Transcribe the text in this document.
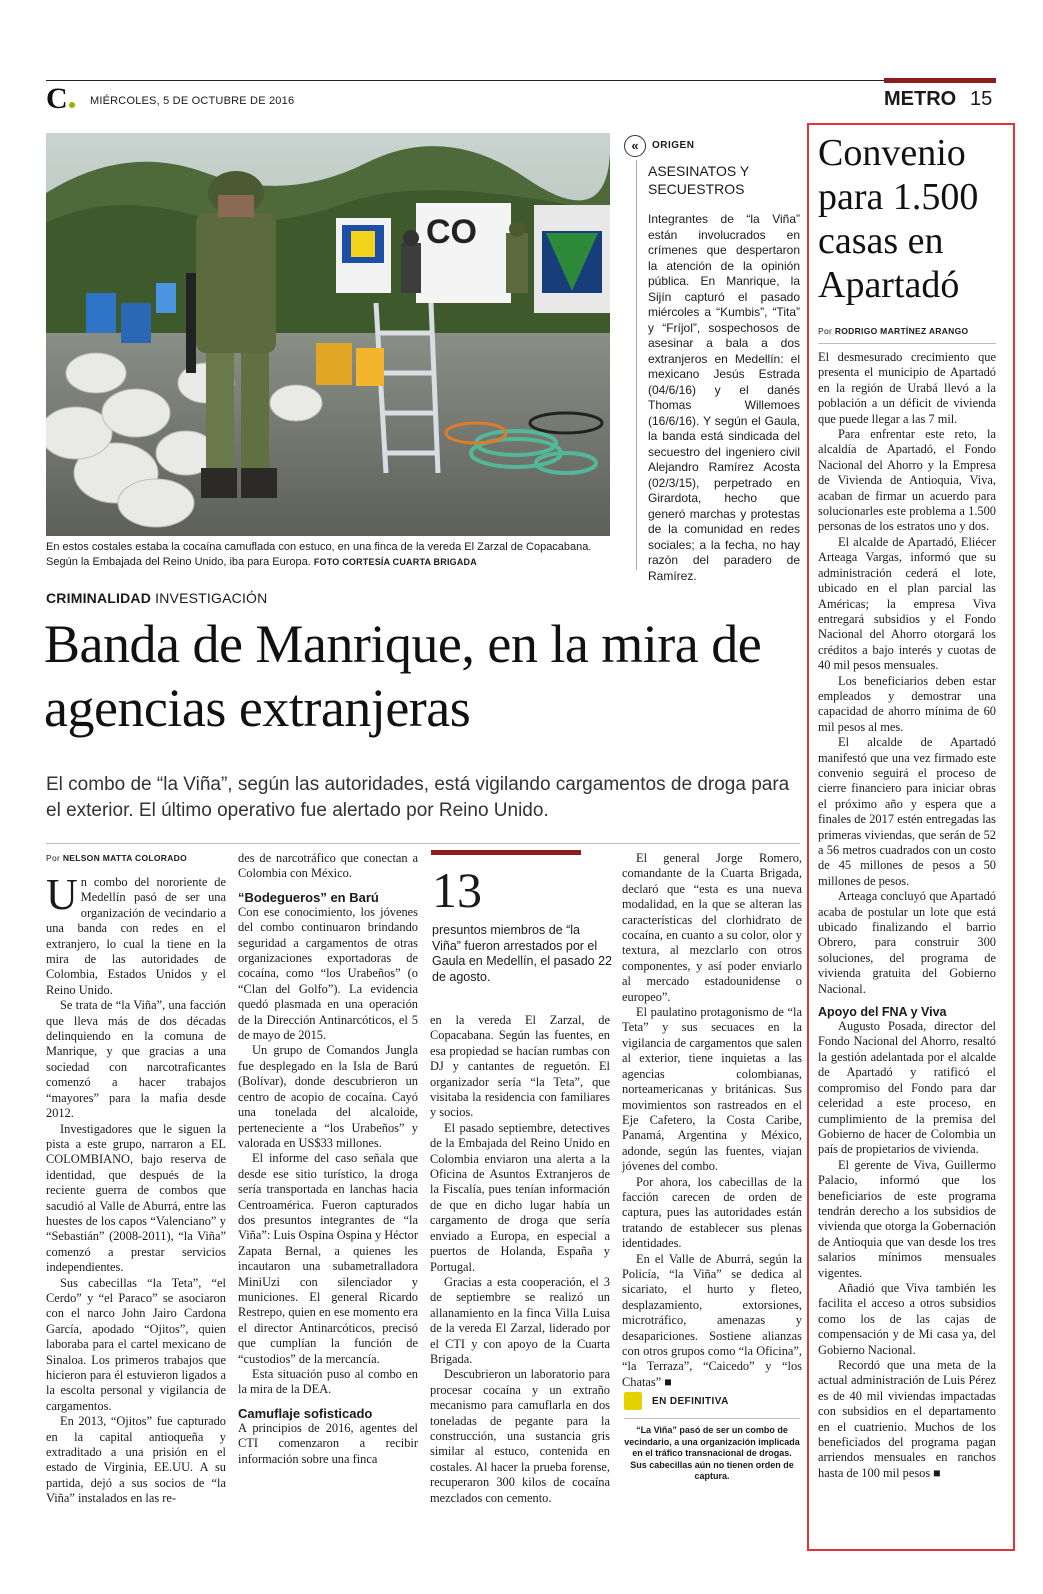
C	MIÉRCOLES, 5 DE OCTUBRE DE 2016	METRO 15
CO
En estos costales estaba la cocaína camuflada con estuco, en una finca de la vereda El Zarzal de Copacabana. Según la Embajada del Reino Unido, iba para Europa. FOTO CORTESÍA CUARTA BRIGADA
«	ORIGEN
ASESINATOS Y SECUESTROS
Integrantes de “la Viña” están involucrados en crímenes que despertaron la atención de la opinión pública. En Manrique, la Sijín capturó el pasado miércoles a “Kumbis”, “Tita” y “Fríjol”, sospechosos de asesinar a bala a dos extranjeros en Medellín: el mexicano Jesús Estrada (04/6/16) y el danés Thomas Willemoes (16/6/16). Y según el Gaula, la banda está sindicada del secuestro del ingeniero civil Alejandro Ramírez Acosta (02/3/15), perpetrado en Girardota, hecho que generó marchas y protestas de la comunidad en redes sociales; a la fecha, no hay razón del paradero de Ramírez.
CRIMINALIDAD INVESTIGACIÓN
Banda de Manrique, en la mira de agencias extranjeras
El combo de “la Viña”, según las autoridades, está vigilando cargamentos de droga para el exterior. El último operativo fue alertado por Reino Unido.
Por NELSON MATTA COLORADO

Un combo del nororiente de Medellín pasó de ser una organización de vecindario a una banda con redes en el extranjero, lo cual la tiene en la mira de las autoridades de Colombia, Estados Unidos y el Reino Unido.

Se trata de “la Viña”, una facción que lleva más de dos décadas delinquiendo en la comuna de Manrique, y que gracias a una sociedad con narcotraficantes comenzó a hacer trabajos “mayores” para la mafia desde 2012.

Investigadores que le siguen la pista a este grupo, narraron a EL COLOMBIANO, bajo reserva de identidad, que después de la reciente guerra de combos que sacudió al Valle de Aburrá, entre las huestes de los capos “Valenciano” y “Sebastián” (2008-2011), “la Viña” comenzó a prestar servicios independientes.

Sus cabecillas “la Teta”, “el Cerdo” y “el Paraco” se asociaron con el narco John Jairo Cardona García, apodado “Ojitos”, quien laboraba para el cartel mexicano de Sinaloa. Los primeros trabajos que hicieron para él estuvieron ligados a la escolta personal y vigilancia de cargamentos.

En 2013, “Ojitos” fue capturado en la capital antioqueña y extraditado a una prisión en el estado de Virginia, EE.UU. A su partida, dejó a sus socios de “la Viña” instalados en las re-

des de narcotráfico que conectan a Colombia con México.

“Bodegueros” en Barú

Con ese conocimiento, los jóvenes del combo continuaron brindando seguridad a cargamentos de otras organizaciones exportadoras de cocaína, como “los Urabeños” (o “Clan del Golfo”). La evidencia quedó plasmada en una operación de la Dirección Antinarcóticos, el 5 de mayo de 2015.

Un grupo de Comandos Jungla fue desplegado en la Isla de Barú (Bolívar), donde descubrieron un centro de acopio de cocaína. Cayó una tonelada del alcaloide, perteneciente a “los Urabeños” y valorada en US$33 millones.

El informe del caso señala que desde ese sitio turístico, la droga sería transportada en lanchas hacia Centroamérica. Fueron capturados dos presuntos integrantes de “la Viña”: Luis Ospina Ospina y Héctor Zapata Bernal, a quienes les incautaron una subametralladora MiniUzi con silenciador y municiones. El general Ricardo Restrepo, quien en ese momento era el director Antinarcóticos, precisó que cumplían la función de “custodios” de la mercancía.

Esta situación puso al combo en la mira de la DEA.

Camuflaje sofisticado

A principios de 2016, agentes del CTI comenzaron a recibir información sobre una finca

13
presuntos miembros de “la Viña” fueron arrestados por el Gaula en Medellín, el pasado 22 de agosto.

en la vereda El Zarzal, de Copacabana. Según las fuentes, en esa propiedad se hacían rumbas con DJ y cantantes de reguetón. El organizador sería “la Teta”, que visitaba la residencia con familiares y socios.

El pasado septiembre, detectives de la Embajada del Reino Unido en Colombia enviaron una alerta a la Oficina de Asuntos Extranjeros de la Fiscalía, pues tenían información de que en dicho lugar había un cargamento de droga que sería enviado a Europa, en especial a puertos de Holanda, España y Portugal.

Gracias a esta cooperación, el 3 de septiembre se realizó un allanamiento en la finca Villa Luisa de la vereda El Zarzal, liderado por el CTI y con apoyo de la Cuarta Brigada.

Descubrieron un laboratorio para procesar cocaína y un extraño mecanismo para camuflarla en dos toneladas de pegante para la construcción, una sustancia gris similar al estuco, contenida en costales. Al hacer la prueba forense, recuperaron 300 kilos de cocaína mezclados con cemento.

El general Jorge Romero, comandante de la Cuarta Brigada, declaró que “esta es una nueva modalidad, en la que se alteran las características del clorhidrato de cocaína, en cuanto a su color, olor y textura, al mezclarlo con otros componentes, y así poder enviarlo al mercado estadounidense o europeo”.

El paulatino protagonismo de “la Teta” y sus secuaces en la vigilancia de cargamentos que salen al exterior, tiene inquietas a las agencias colombianas, norteamericanas y británicas. Sus movimientos son rastreados en el Eje Cafetero, la Costa Caribe, Panamá, Argentina y México, adonde, según las fuentes, viajan jóvenes del combo.

Por ahora, los cabecillas de la facción carecen de orden de captura, pues las autoridades están tratando de establecer sus plenas identidades.

En el Valle de Aburrá, según la Policía, “la Viña” se dedica al sicariato, el hurto y fleteo, desplazamiento, extorsiones, microtráfico, amenazas y desapariciones. Sostiene alianzas con otros grupos como “la Oficina”, “la Terraza”, “Caicedo” y “los Chatas” ■

EN DEFINITIVA
“La Viña” pasó de ser un combo de vecindario, a una organización implicada en el tráfico transnacional de drogas. Sus cabecillas aún no tienen orden de captura.
Convenio para 1.500 casas en Apartadó
Por RODRIGO MARTÍNEZ ARANGO

El desmesurado crecimiento que presenta el municipio de Apartadó en la región de Urabá llevó a la población a un déficit de vivienda que puede llegar a las 7 mil.

Para enfrentar este reto, la alcaldía de Apartadó, el Fondo Nacional del Ahorro y la Empresa de Vivienda de Antioquia, Viva, acaban de firmar un acuerdo para solucionarles este problema a 1.500 personas de los estratos uno y dos.

El alcalde de Apartadó, Eliécer Arteaga Vargas, informó que su administración cederá el lote, ubicado en el plan parcial las Américas; la empresa Viva entregará subsidios y el Fondo Nacional del Ahorro otorgará los créditos a bajo interés y cuotas de 40 mil pesos mensuales.

Los beneficiarios deben estar empleados y demostrar una capacidad de ahorro mínima de 60 mil pesos al mes.

El alcalde de Apartadó manifestó que una vez firmado este convenio seguirá el proceso de cierre financiero para iniciar obras el próximo año y espera que a finales de 2017 estén entregadas las primeras viviendas, que serán de 52 a 56 metros cuadrados con un costo de 45 millones de pesos a 50 millones de pesos.

Arteaga concluyó que Apartadó acaba de postular un lote que está ubicado finalizando el barrio Obrero, para construir 300 soluciones, del programa de vivienda gratuita del Gobierno Nacional.

Apoyo del FNA y Viva

Augusto Posada, director del Fondo Nacional del Ahorro, resaltó la gestión adelantada por el alcalde de Apartadó y ratificó el compromiso del Fondo para dar celeridad a este proceso, en cumplimiento de la premisa del Gobierno de hacer de Colombia un país de propietarios de vivienda.

El gerente de Viva, Guillermo Palacio, informó que los beneficiarios de este programa tendrán derecho a los subsidios de vivienda que otorga la Gobernación de Antioquia que van desde los tres salarios mínimos mensuales vigentes.

Añadió que Viva también les facilita el acceso a otros subsidios como los de las cajas de compensación y de Mi casa ya, del Gobierno Nacional.

Recordó que una meta de la actual administración de Luis Pérez es de 40 mil viviendas impactadas con subsidios en el departamento en el cuatrienio. Muchos de los beneficiados del programa pagan arriendos mensuales en ranchos hasta de 100 mil pesos ■
